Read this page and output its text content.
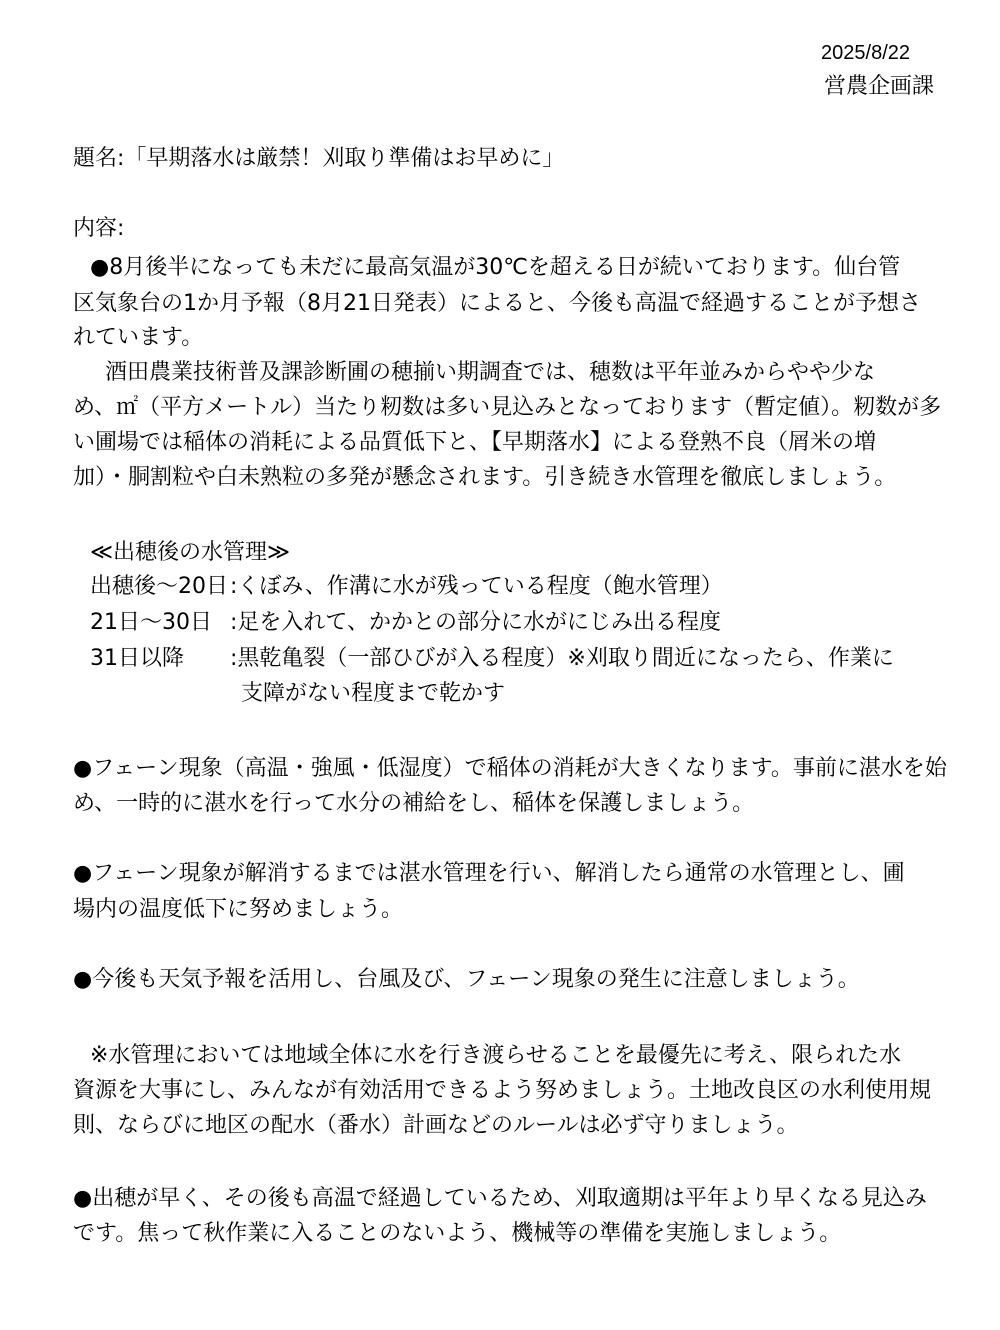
2025/8/22
営農企画課
題名:「早期落水は厳禁！刈取り準備はお早めに」
内容:
●8月後半になっても未だに最高気温が30℃を超える日が続いております。仙台管
区気象台の1か月予報（8月21日発表）によると、今後も高温で経過することが予想さ
れています。
酒田農業技術普及課診断圃の穂揃い期調査では、穂数は平年並みからやや少な
め、㎡（平方メートル）当たり籾数は多い見込みとなっております（暫定値）。籾数が多
い圃場では稲体の消耗による品質低下と、【早期落水】による登熟不良（屑米の増
加）・胴割粒や白未熟粒の多発が懸念されます。引き続き水管理を徹底しましょう。
≪出穂後の水管理≫
出穂後～20日 :くぼみ、作溝に水が残っている程度（飽水管理）
21日～30日 :足を入れて、かかとの部分に水がにじみ出る程度
31日以降 :黒乾亀裂（一部ひびが入る程度）※刈取り間近になったら、作業に
支障がない程度まで乾かす
●フェーン現象（高温・強風・低湿度）で稲体の消耗が大きくなります。事前に湛水を始
め、一時的に湛水を行って水分の補給をし、稲体を保護しましょう。
●フェーン現象が解消するまでは湛水管理を行い、解消したら通常の水管理とし、圃
場内の温度低下に努めましょう。
●今後も天気予報を活用し、台風及び、フェーン現象の発生に注意しましょう。
※水管理においては地域全体に水を行き渡らせることを最優先に考え、限られた水
資源を大事にし、みんなが有効活用できるよう努めましょう。土地改良区の水利使用規
則、ならびに地区の配水（番水）計画などのルールは必ず守りましょう。
●出穂が早く、その後も高温で経過しているため、刈取適期は平年より早くなる見込み
です。焦って秋作業に入ることのないよう、機械等の準備を実施しましょう。
